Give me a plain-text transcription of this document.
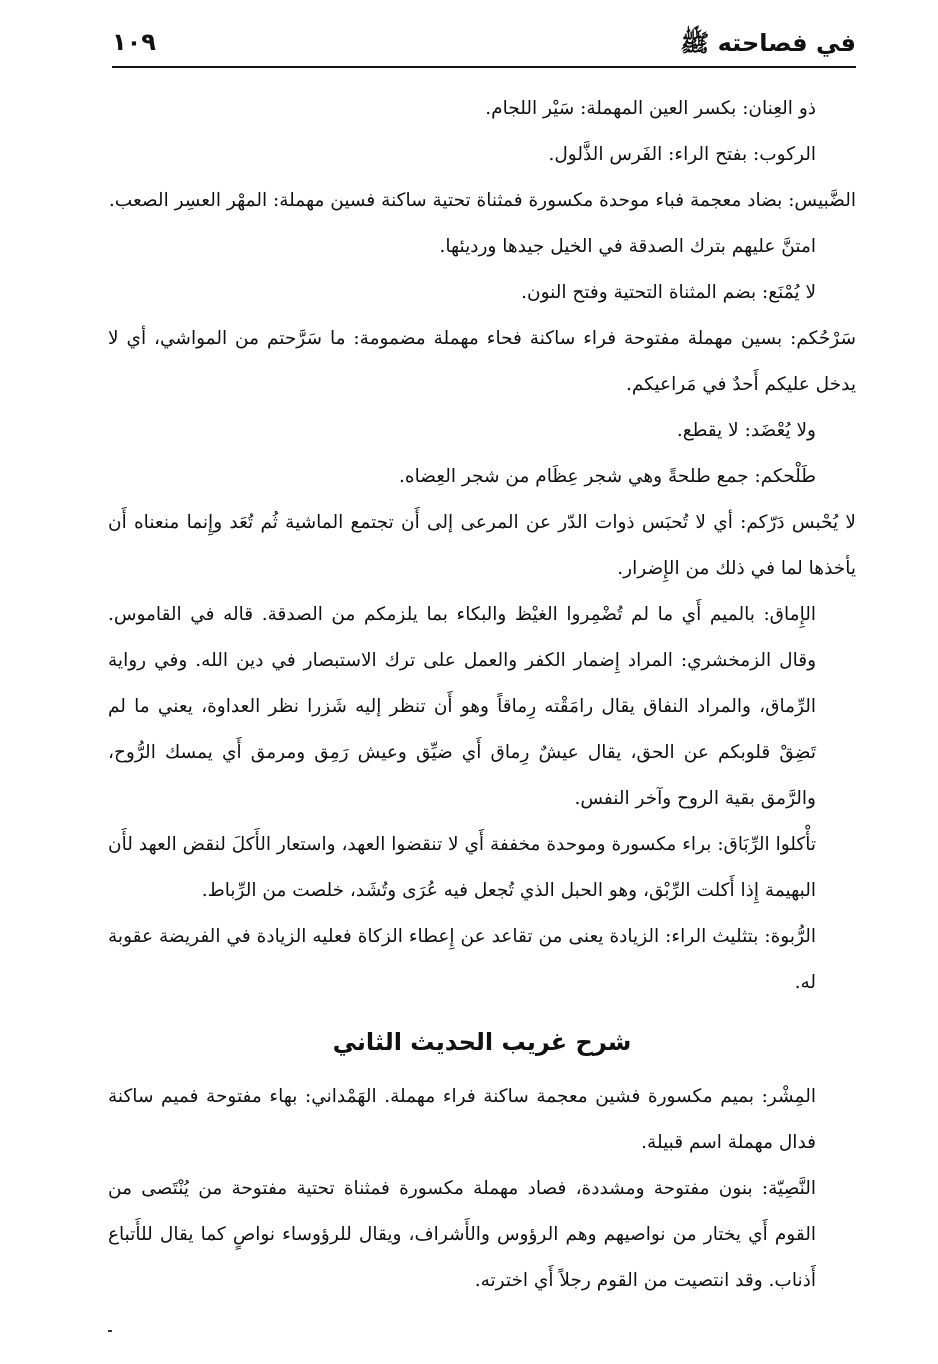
في فصاحته ﷺ
١٠٩

ذو العِنان: بكسر العين المهملة: سَيْر اللجام.

الركوب: بفتح الراء: الفَرس الذَّلول.

الضَّبيس: بضاد معجمة فباء موحدة مكسورة فمثناة تحتية ساكنة فسين مهملة: المهْر العسِر الصعب.

امتنَّ عليهم بترك الصدقة في الخيل جيدها ورديئها.

لا يُمْنَع: بضم المثناة التحتية وفتح النون.

سَرْحُكم: بسين مهملة مفتوحة فراء ساكنة فحاء مهملة مضمومة: ما سَرَّحتم من المواشي، أي لا يدخل عليكم أَحدٌ في مَراعيكم.

ولا يُعْضَد: لا يقطع.

طَلْحكم: جمع طلحةً وهي شجر عِظَام من شجر العِضاه.

لا يُحْبس دَرّكم: أي لا تُحبَس ذوات الدّر عن المرعى إلى أَن تجتمع الماشية ثُم تُعَد وإِنما منعناه أَن يأخذها لما في ذلك من الإِضرار.

الإِماق: بالميم أَي ما لم تُضْمِروا الغيْظ والبكاء بما يلزمكم من الصدقة. قاله في القاموس. وقال الزمخشري: المراد إِضمار الكفر والعمل على ترك الاستبصار في دين الله. وفي رواية الرِّماق، والمراد النفاق يقال رامَقْته رِماقاً وهو أَن تنظر إليه شَزرا نظر العداوة، يعني ما لم تَضِقْ قلوبكم عن الحق، يقال عيشٌ رِماق أَي ضيِّق وعيش رَمِق ومرمق أَي يمسك الرُّوح، والرَّمق بقية الروح وآخر النفس.

تأْكلوا الرِّبَاق: براء مكسورة وموحدة مخففة أَي لا تنقضوا العهد، واستعار الأَكلَ لنقض العهد لأَن البهيمة إِذا أَكلت الرِّبْق، وهو الحبل الذي تُجعل فيه عُرَى وتُشَد، خلصت من الرِّباط.

الرُّبوة: بتثليث الراء: الزيادة يعنى من تقاعد عن إِعطاء الزكاة فعليه الزيادة في الفريضة عقوبة له.

شرح غريب الحديث الثاني

المِشْر: بميم مكسورة فشين معجمة ساكنة فراء مهملة. الهَمْداني: بهاء مفتوحة فميم ساكنة فدال مهملة اسم قبيلة.

النَّصِيّة: بنون مفتوحة ومشددة، فصاد مهملة مكسورة فمثناة تحتية مفتوحة من يُنْتَصى من القوم أَي يختار من نواصيهم وهم الرؤوس والأَشراف، ويقال للرؤوساء نواصٍ كما يقال للأَتباع أَذناب. وقد انتصيت من القوم رجلاً أَي اخترته.
